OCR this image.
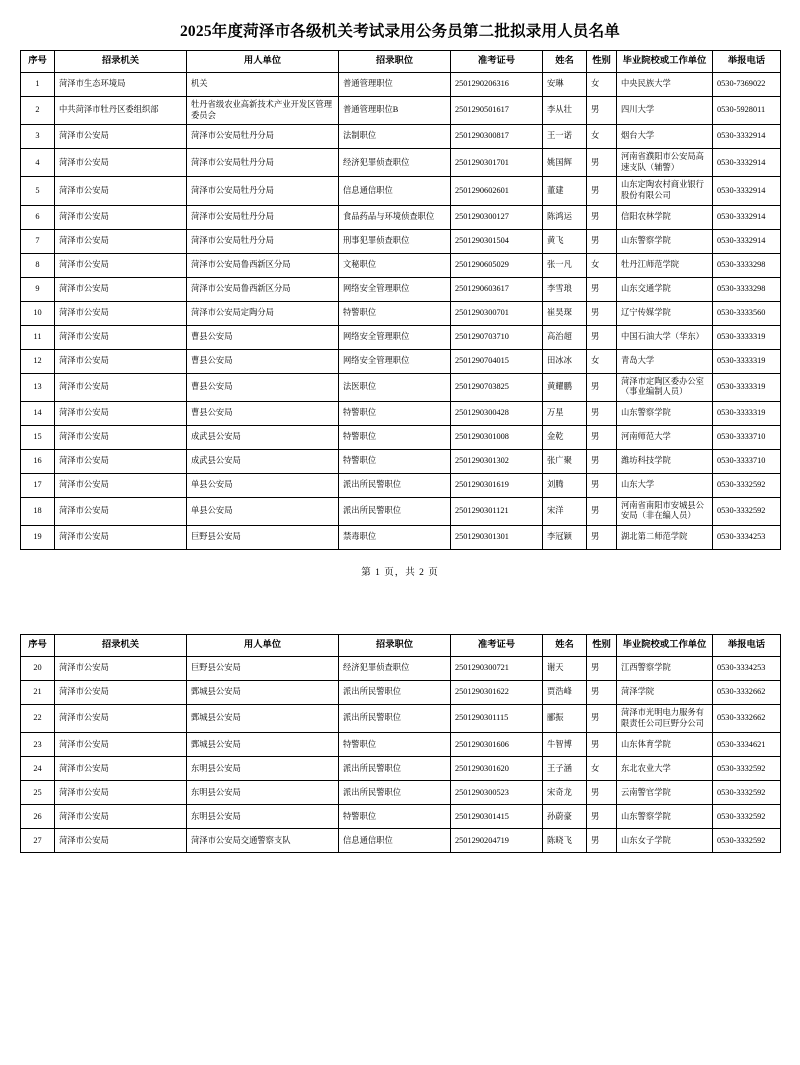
2025年度菏泽市各级机关考试录用公务员第二批拟录用人员名单
序号	招录机关	用人单位	招录职位	准考证号	姓名	性别	毕业院校或工作单位	举报电话
1	菏泽市生态环境局	机关	普通管理职位	2501290206316	安琳	女	中央民族大学	0530-7369022
2	中共菏泽市牡丹区委组织部	牡丹省级农业高新技术产业开发区管理委员会	普通管理职位B	2501290501617	李从壮	男	四川大学	0530-5928011
3	菏泽市公安局	菏泽市公安局牡丹分局	法制职位	2501290300817	王一诺	女	烟台大学	0530-3332914
4	菏泽市公安局	菏泽市公安局牡丹分局	经济犯罪侦查职位	2501290301701	姚国辉	男	河南省濮阳市公安局高速支队（辅警）	0530-3332914
5	菏泽市公安局	菏泽市公安局牡丹分局	信息通信职位	2501290602601	董建	男	山东定陶农村商业银行股份有限公司	0530-3332914
6	菏泽市公安局	菏泽市公安局牡丹分局	食品药品与环境侦查职位	2501290300127	陈鸿运	男	信阳农林学院	0530-3332914
7	菏泽市公安局	菏泽市公安局牡丹分局	刑事犯罪侦查职位	2501290301504	黄飞	男	山东警察学院	0530-3332914
8	菏泽市公安局	菏泽市公安局鲁西新区分局	文秘职位	2501290605029	张一凡	女	牡丹江师范学院	0530-3333298
9	菏泽市公安局	菏泽市公安局鲁西新区分局	网络安全管理职位	2501290603617	李雪琅	男	山东交通学院	0530-3333298
10	菏泽市公安局	菏泽市公安局定陶分局	特警职位	2501290300701	崔昊琛	男	辽宁传媒学院	0530-3333560
11	菏泽市公安局	曹县公安局	网络安全管理职位	2501290703710	高治超	男	中国石油大学（华东）	0530-3333319
12	菏泽市公安局	曹县公安局	网络安全管理职位	2501290704015	田冰冰	女	青岛大学	0530-3333319
13	菏泽市公安局	曹县公安局	法医职位	2501290703825	黄耀鹏	男	菏泽市定陶区委办公室（事业编制人员）	0530-3333319
14	菏泽市公安局	曹县公安局	特警职位	2501290300428	万星	男	山东警察学院	0530-3333319
15	菏泽市公安局	成武县公安局	特警职位	2501290301008	金乾	男	河南师范大学	0530-3333710
16	菏泽市公安局	成武县公安局	特警职位	2501290301302	张广聚	男	潍坊科技学院	0530-3333710
17	菏泽市公安局	单县公安局	派出所民警职位	2501290301619	刘腾	男	山东大学	0530-3332592
18	菏泽市公安局	单县公安局	派出所民警职位	2501290301121	宋洋	男	河南省南阳市安城县公安局（非在编人员）	0530-3332592
19	菏泽市公安局	巨野县公安局	禁毒职位	2501290301301	李冠颖	男	湖北第二师范学院	0530-3334253
第 1 页，共 2 页
序号	招录机关	用人单位	招录职位	准考证号	姓名	性别	毕业院校或工作单位	举报电话
20	菏泽市公安局	巨野县公安局	经济犯罪侦查职位	2501290300721	谢天	男	江西警察学院	0530-3334253
21	菏泽市公安局	鄄城县公安局	派出所民警职位	2501290301622	贾浩峰	男	菏泽学院	0530-3332662
22	菏泽市公安局	鄄城县公安局	派出所民警职位	2501290301115	郦振	男	菏泽市光明电力服务有限责任公司巨野分公司	0530-3332662
23	菏泽市公安局	鄄城县公安局	特警职位	2501290301606	牛智博	男	山东体育学院	0530-3334621
24	菏泽市公安局	东明县公安局	派出所民警职位	2501290301620	王子涵	女	东北农业大学	0530-3332592
25	菏泽市公安局	东明县公安局	派出所民警职位	2501290300523	宋奇龙	男	云南警官学院	0530-3332592
26	菏泽市公安局	东明县公安局	特警职位	2501290301415	孙蔚豪	男	山东警察学院	0530-3332592
27	菏泽市公安局	菏泽市公安局交通警察支队	信息通信职位	2501290204719	陈晓飞	男	山东女子学院	0530-3332592
